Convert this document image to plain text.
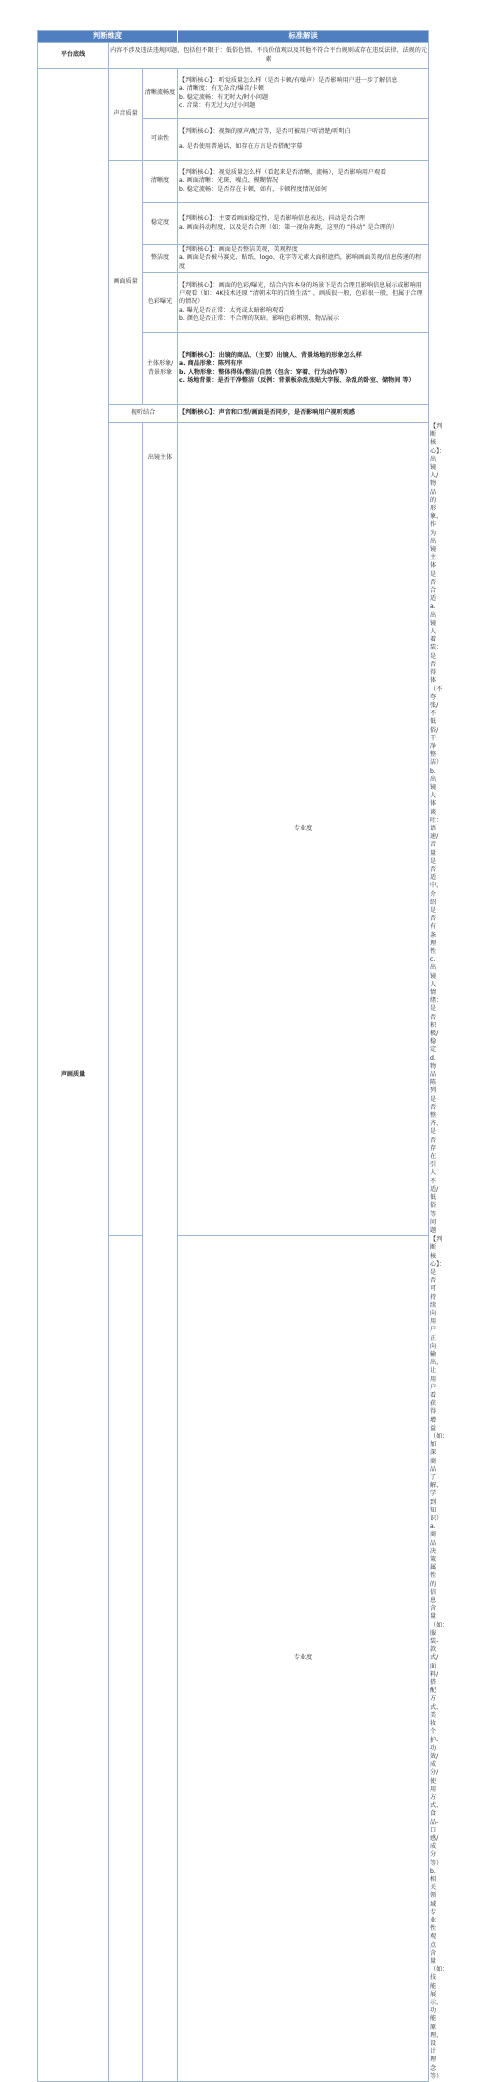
判断维度			标准解读	
平台底线	内容不涉及违法违规问题，包括但不限于：低俗色情、不良价值观以及其他不符合平台规则或存在违反法律、法规的元素			
声画质量	声音质量	清晰流畅度	【判断核心】：听觉质量怎么样（是否卡顿/有噪声）是否影响用户进一步了解信息
a. 清晰度：有无杂音/爆音/卡顿
b. 稳定流畅：有无时大/时小问题
c. 音量：有无过大/过小问题	

		可读性	【判断核心】：视频的原声/配音等，是否可被用户听清楚/听明白
a. 是否使用普通话，如存在方言是否搭配字幕	

	画面质量	清晰度	【判断核心】：视觉质量怎么样（看起来是否清晰、流畅），是否影响用户观看
a. 画面清晰：光斑、噪点、模糊情况
b. 稳定流畅：是否存在卡顿，如有，卡顿程度情况如何	

		稳定度	【判断核心】：主要看画面稳定性，是否影响信息表达，抖动是否合理
a. 画面抖动程度，以及是否合理（如：第一视角奔跑，这里的 “抖动” 是合理的）	

		整洁度	【判断核心】：画面是否整洁美观，美观程度
a. 画面是否被马赛克、贴纸、logo、花字等元素大面积遮挡，影响画面美观/信息传递的程度	

		色彩曝光	【判断核心】：画面的色彩/曝光，结合内容本身的场景下是否合理且影响信息展示或影响用户观看（如：4K技术还原 “清朝末年的百姓生活” ，画质很一般，色彩很一般，但属于合理的情况）
a. 曝光是否正常：太亮或太暗影响观看
b. 颜色是否正常：不合理的灰暗，影响色彩辨别、物品展示	

		主体形象/背景形象	【判断核心】：出镜的商品、（主要）出镜人、背景场地的形象怎么样
a. 商品形象：陈列有序
b. 人物形象：整体得体/整洁/自然（包含：穿着、行为动作等）
c. 场地背景：是否干净整洁（反例：背景板杂乱张贴大字报、杂乱的卧室、储物间 等）	

	视听结合		【判断核心】：声音和口型/画面是否同步，是否影响用户视听观感	
		出镜主体	专业度	【判断核心】：出镜人/物品的形象，作为出镜主体是否合适
a.出镜人着装：是否得体（不夸张/不低俗/干净整洁）
b.出镜人体谈吐：语速/音量是否适中，介绍是否有条理性
c.出镜人情绪：是否积极/稳定
d.物品陈列是否整齐，是否存在引人不适/低俗等问题

			专业度	【判断核心】：是否可持续向用户正向输出，让用户看获得增益（如：加深商品了解、学到知识）
a.商品决策属性的信息含量（如：服装-款式/面料/搭配方式、美妆个护-功效/成分/使用方式、食品-口感/成分 等）
b.相关领域专业性观点含量（如：技能展示、功能原理、设计理念 等）
